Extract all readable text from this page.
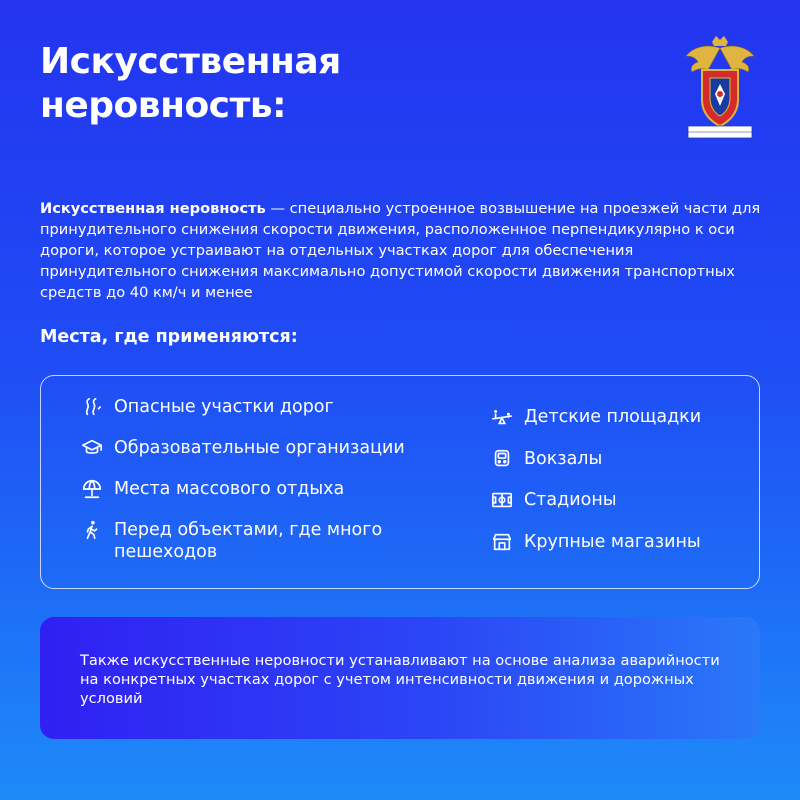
Искусственная неровность:

Искусственная неровность — специально устроенное возвышение на проезжей части для принудительного снижения скорости движения, расположенное перпендикулярно к оси дороги, которое устраивают на отдельных участках дорог для обеспечения принудительного снижения максимально допустимой скорости движения транспортных средств до 40 км/ч и менее

Места, где применяются:
Опасные участки дорог
Образовательные организации
Места массового отдыха
Перед объектами, где много пешеходов
Детские площадки
Вокзалы
Стадионы
Крупные магазины

Также искусственные неровности устанавливают на основе анализа аварийности на конкретных участках дорог с учетом интенсивности движения и дорожных условий
